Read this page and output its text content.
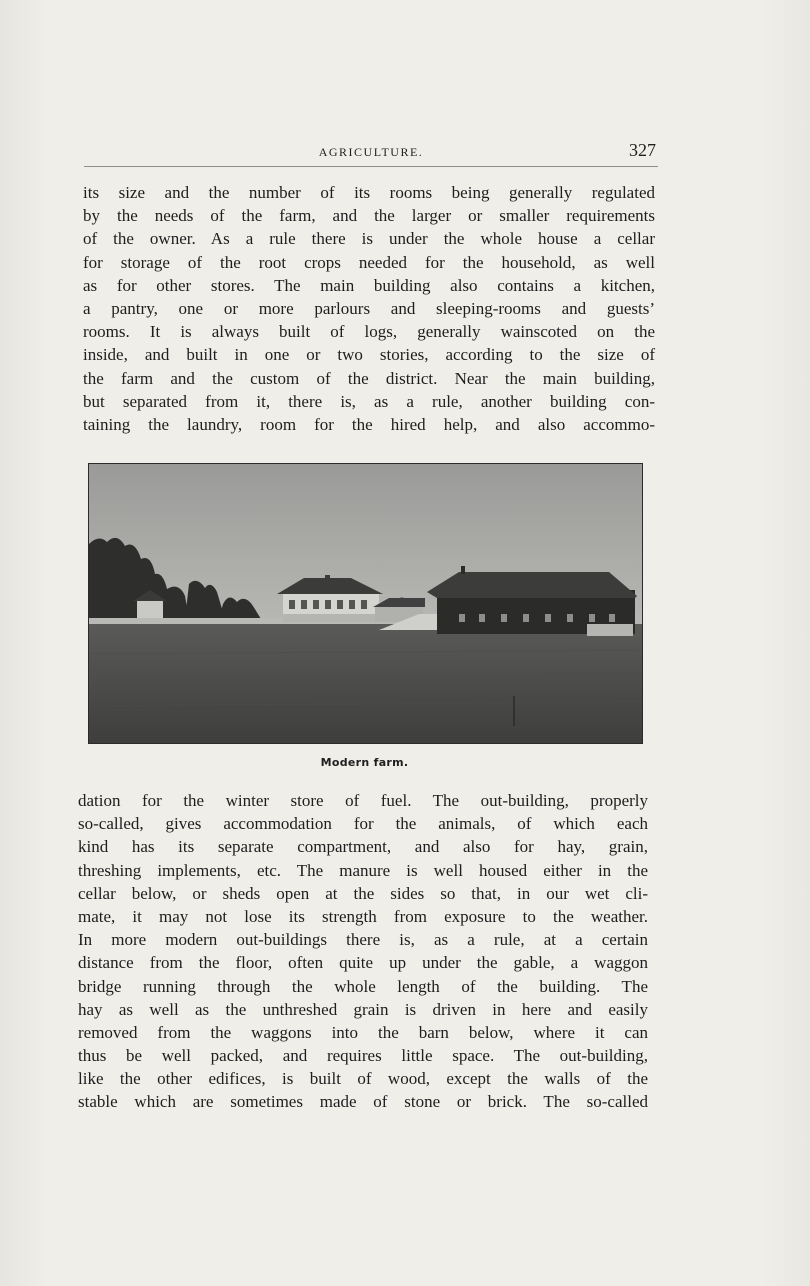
AGRICULTURE.	327
its size and the number of its rooms being generally regulated
by the needs of the farm, and the larger or smaller requirements
of the owner. As a rule there is under the whole house a cellar
for storage of the root crops needed for the household, as well
as for other stores. The main building also contains a kitchen,
a pantry, one or more parlours and sleeping-rooms and guests’
rooms. It is always built of logs, generally wainscoted on the
inside, and built in one or two stories, according to the size of
the farm and the custom of the district. Near the main building,
but separated from it, there is, as a rule, another building con-
taining the laundry, room for the hired help, and also accommo-
Modern farm.
dation for the winter store of fuel. The out-building, properly
so-called, gives accommodation for the animals, of which each
kind has its separate compartment, and also for hay, grain,
threshing implements, etc. The manure is well housed either in the
cellar below, or sheds open at the sides so that, in our wet cli-
mate, it may not lose its strength from exposure to the weather.
In more modern out-buildings there is, as a rule, at a certain
distance from the floor, often quite up under the gable, a waggon
bridge running through the whole length of the building. The
hay as well as the unthreshed grain is driven in here and easily
removed from the waggons into the barn below, where it can
thus be well packed, and requires little space. The out-building,
like the other edifices, is built of wood, except the walls of the
stable which are sometimes made of stone or brick. The so-called
